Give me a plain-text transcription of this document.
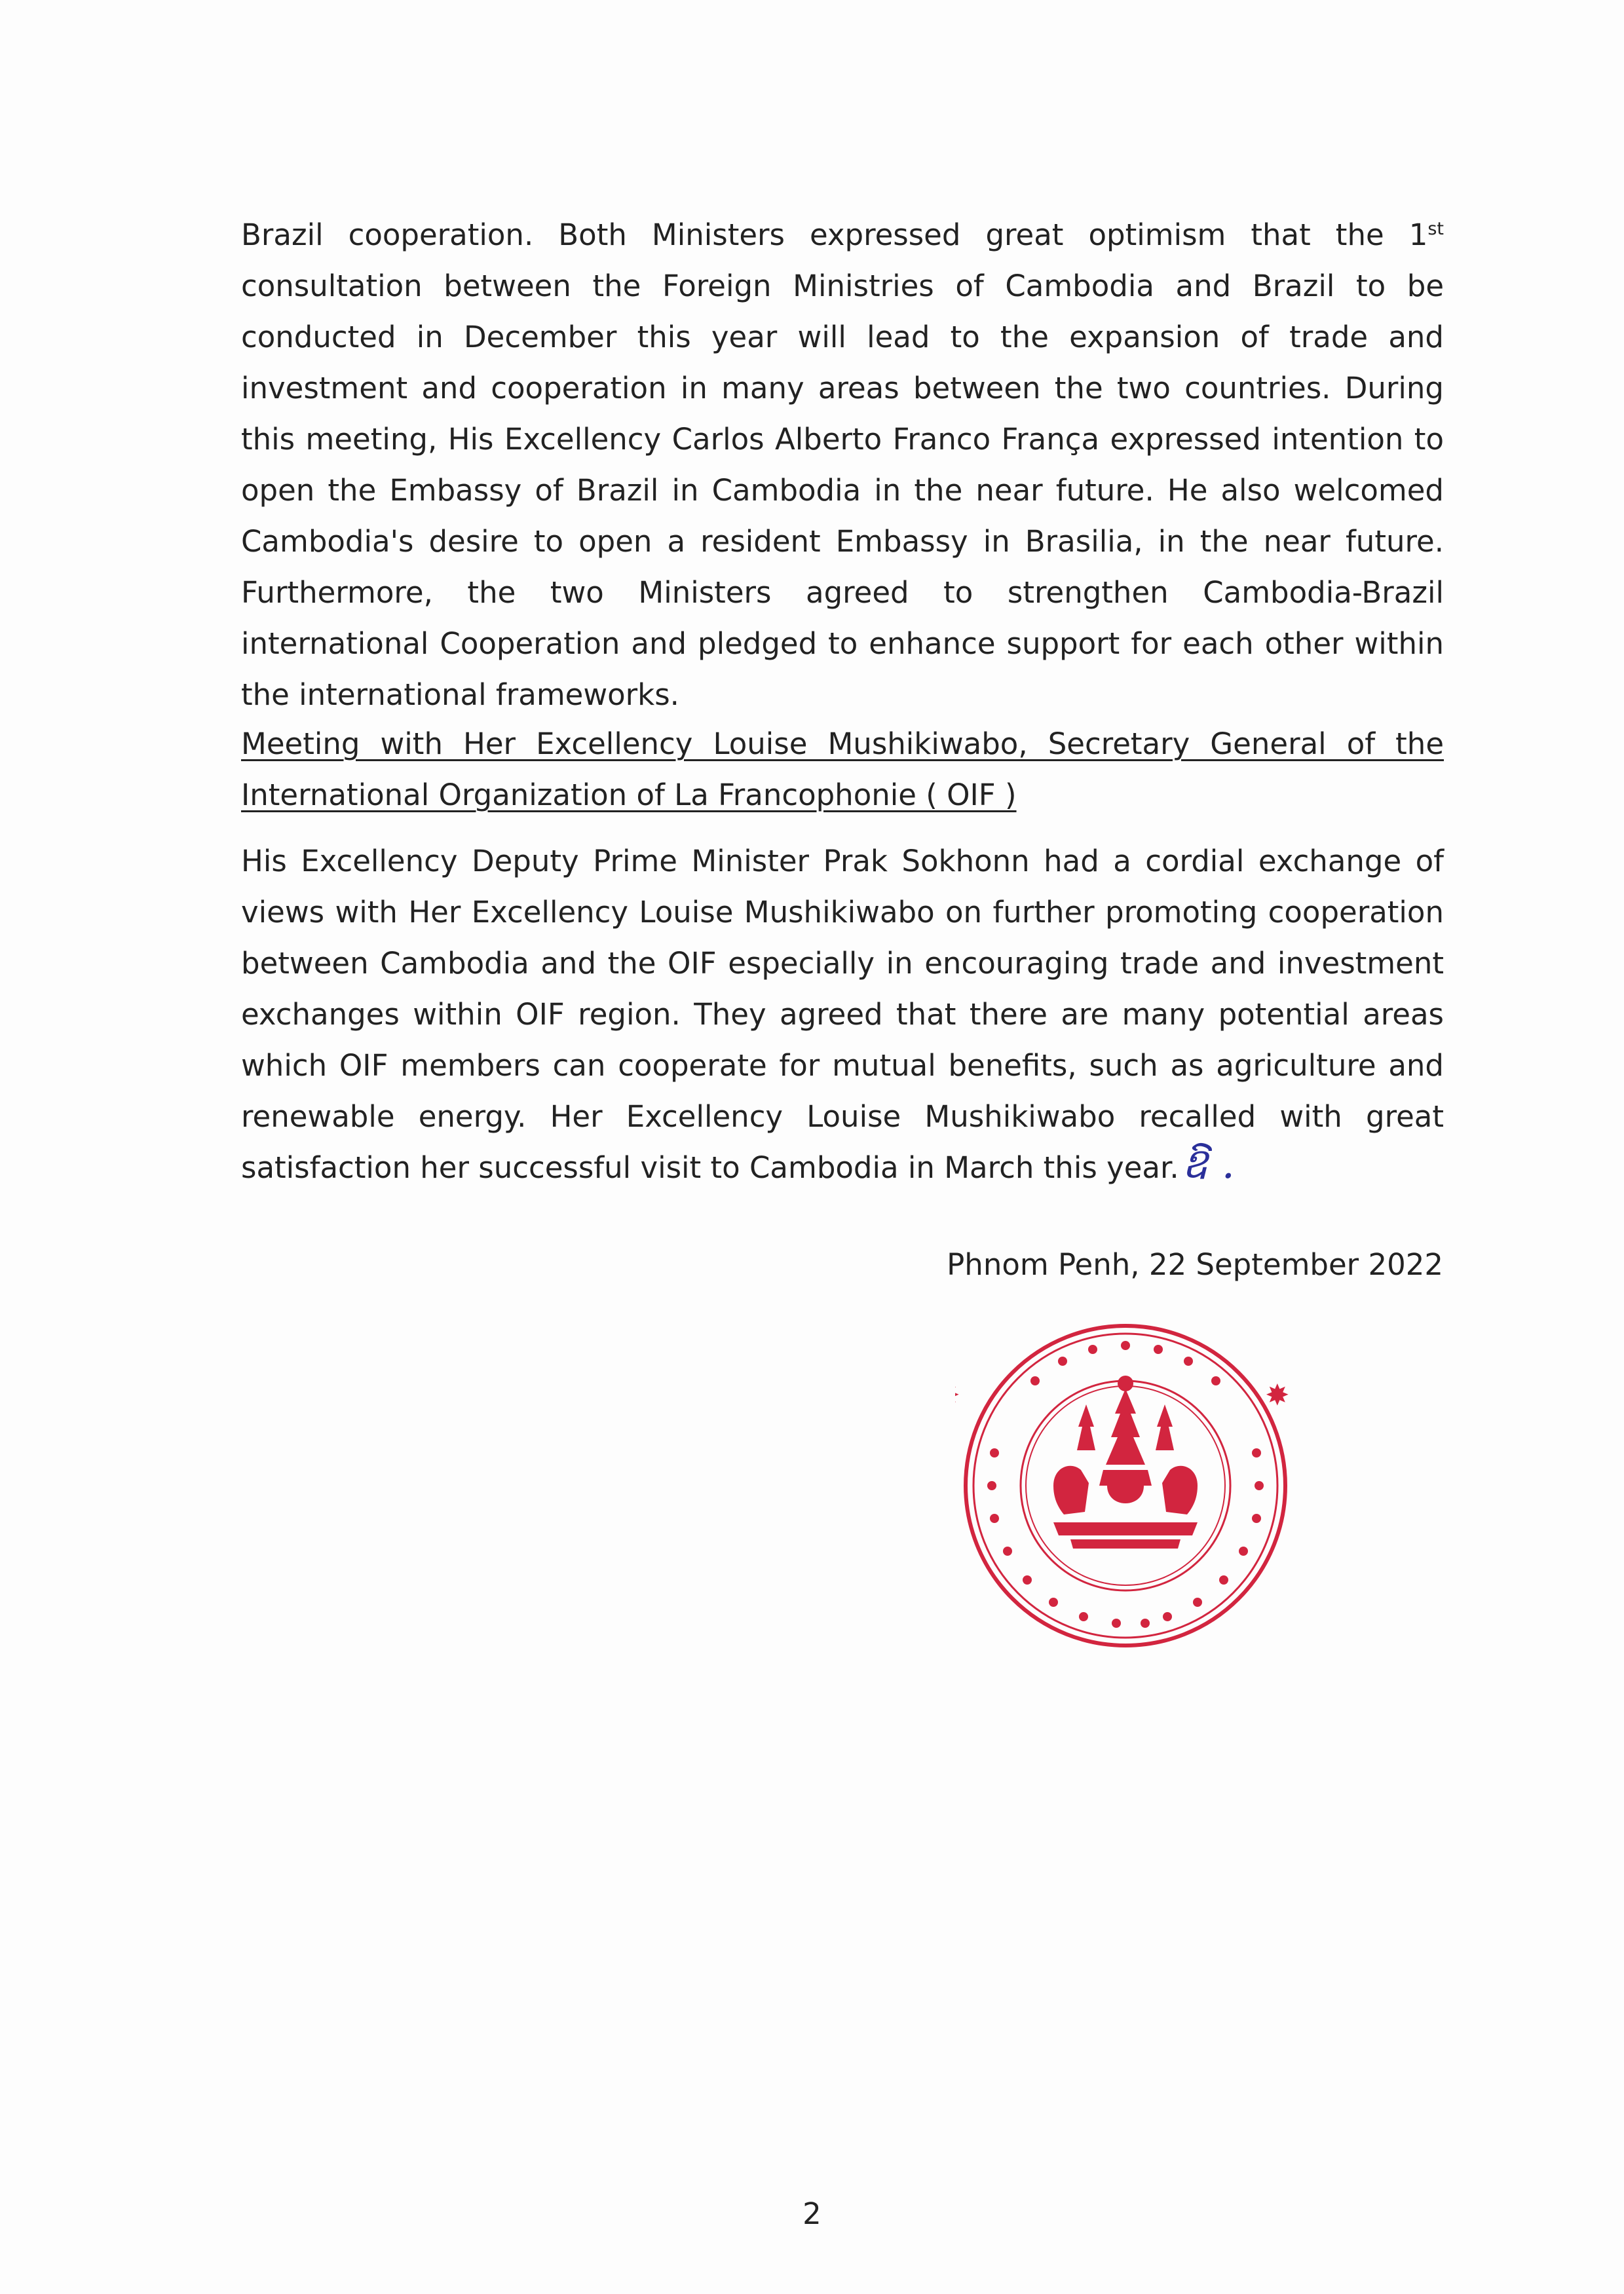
Brazil cooperation. Both Ministers expressed great optimism that the 1st consultation between the Foreign Ministries of Cambodia and Brazil to be conducted in December this year will lead to the expansion of trade and investment and cooperation in many areas between the two countries. During this meeting, His Excellency Carlos Alberto Franco França expressed intention to open the Embassy of Brazil in Cambodia in the near future. He also welcomed Cambodia's desire to open a resident Embassy in Brasilia, in the near future. Furthermore, the two Ministers agreed to strengthen Cambodia-Brazil international Cooperation and pledged to enhance support for each other within the international frameworks.

Meeting with Her Excellency Louise Mushikiwabo, Secretary General of the International Organization of La Francophonie ( OIF )

His Excellency Deputy Prime Minister Prak Sokhonn had a cordial exchange of views with Her Excellency Louise Mushikiwabo on further promoting cooperation between Cambodia and the OIF especially in encouraging trade and investment exchanges within OIF region. They agreed that there are many potential areas which OIF members can cooperate for mutual benefits, such as agriculture and renewable energy. Her Excellency Louise Mushikiwabo recalled with great satisfaction her successful visit to Cambodia in March this year.ឱ .

Phnom Penh, 22 September 2022
2
